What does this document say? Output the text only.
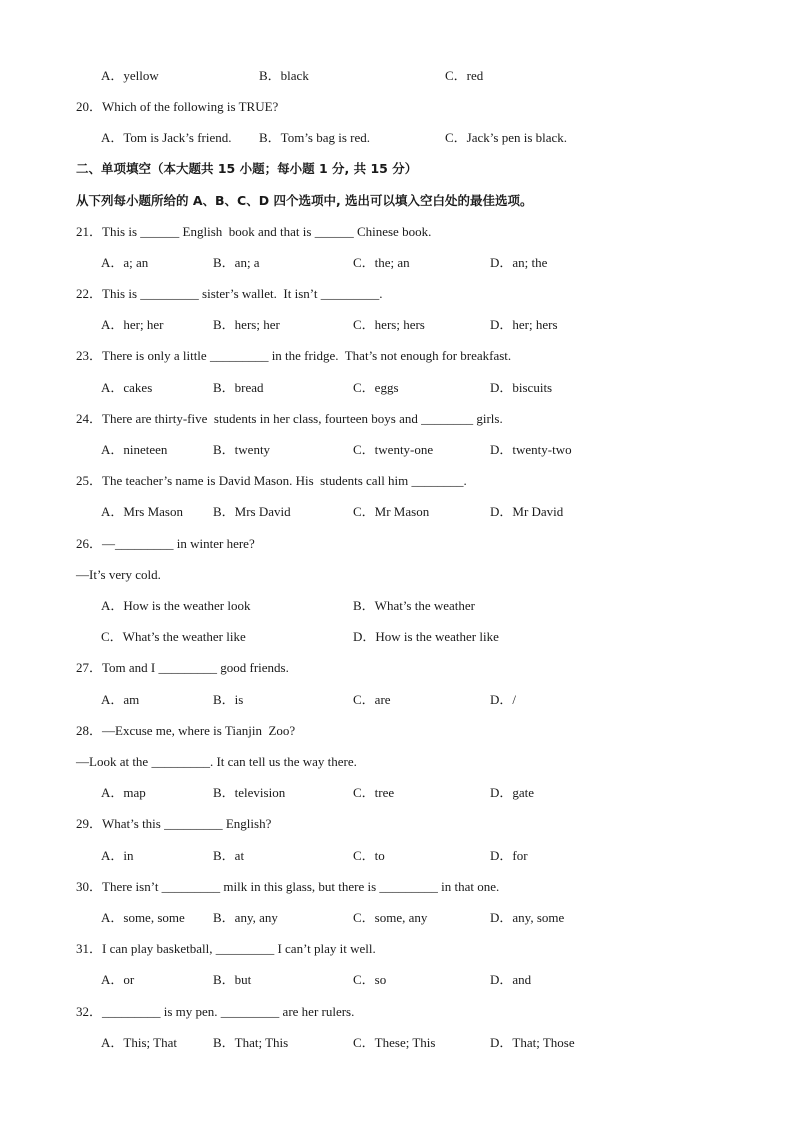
A．yellow	B．black	C．red
20．Which of the following is TRUE?
A．Tom is Jack’s friend. B．Tom’s bag is red.	C．Jack’s pen is black.
二、单项填空（本大题共 15 小题；每小题 1 分, 共 15 分）
从下列每小题所给的 A、B、C、D 四个选项中, 选出可以填入空白处的最佳选项。
21．This is ______ English  book and that is ______ Chinese book.
A．a; an	B．an; a	C．the; an	D．an; the
22．This is _________ sister’s wallet.  It isn’t _________.
A．her; her	B．hers; her	C．hers; hers	D．her; hers
23．There is only a little _________ in the fridge.  That’s not enough for breakfast.
A．cakes	B．bread	C．eggs	D．biscuits
24．There are thirty-five  students in her class, fourteen boys and ________ girls.
A．nineteen	B．twenty	C．twenty-one	D．twenty-two
25．The teacher’s name is David Mason. His  students call him ________.
A．Mrs Mason B．Mrs David	C．Mr Mason	D．Mr David
26．—_________ in winter here?
—It’s very cold.
A．How is the weather look	B．What’s the weather
C．What’s the weather like	D．How is the weather like
27．Tom and I _________ good friends.
A．am	B．is	C．are	D．/
28．—Excuse me, where is Tianjin  Zoo?
—Look at the _________. It can tell us the way there.
A．map	B．television	C．tree	D．gate
29．What’s this _________ English?
A．in	B．at	C．to	D．for
30．There isn’t _________ milk in this glass, but there is _________ in that one.
A．some, some B．any, any	C．some, any	D．any, some
31．I can play basketball, _________ I can’t play it well.
A．or	B．but	C．so	D．and
32．_________ is my pen. _________ are her rulers.
A．This; That	B．That; This	C．These; This	D．That; Those
